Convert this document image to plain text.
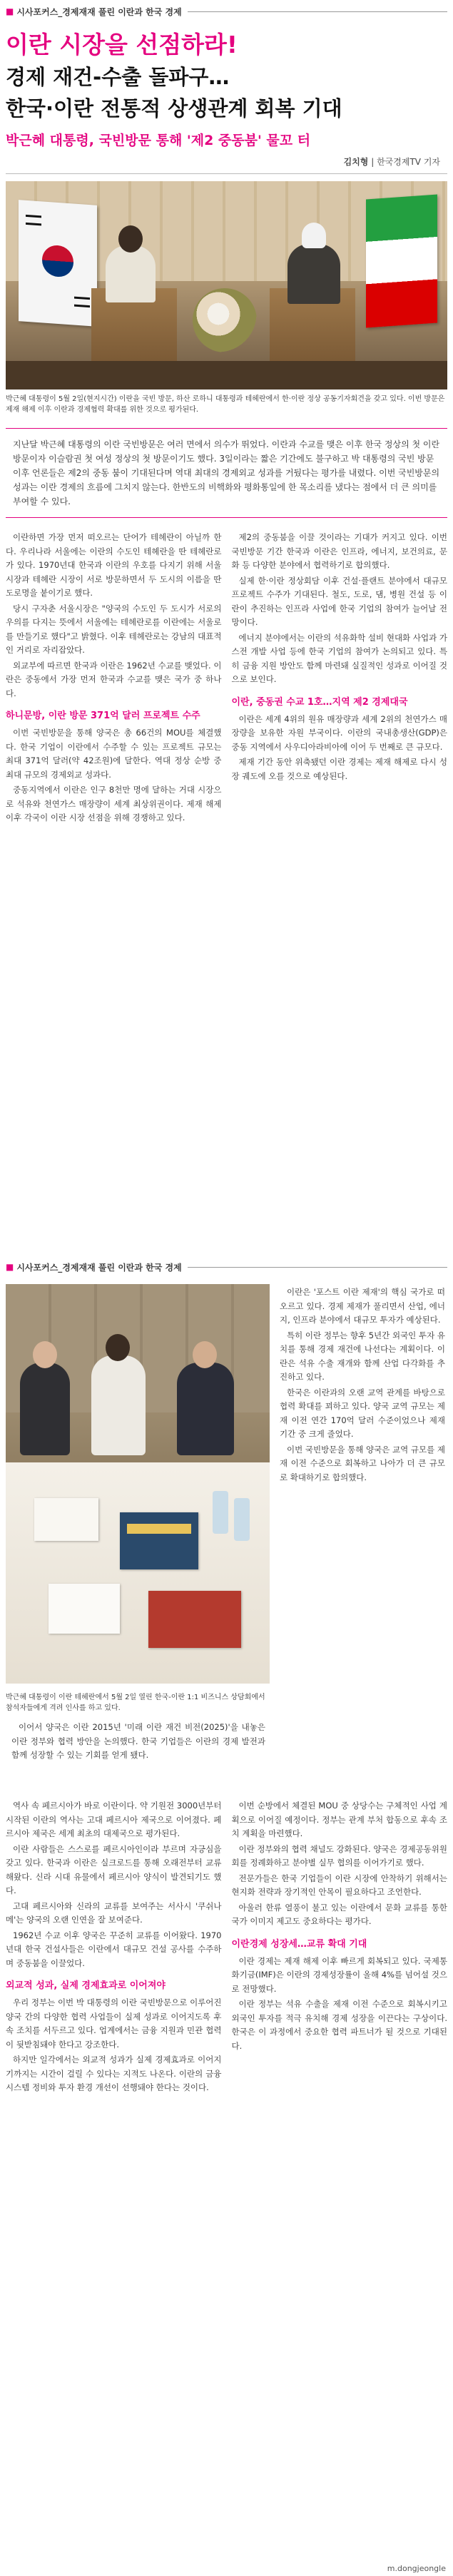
■ 시사포커스_경제재재 풀린 이란과 한국 경제
이란 시장을 선점하라!
경제 재건-수출 돌파구…
한국·이란 전통적 상생관계 회복 기대
박근혜 대통령, 국빈방문 통해 '제2 중동붐' 물꼬 터
김치형 | 한국경제TV 기자
박근혜 대통령이 5월 2일(현지시간) 이란을 국빈 방문, 하산 로하니 대통령과 테헤란에서 한·이란 정상 공동기자회견을 갖고 있다. 이번 방문은 제재 해제 이후 이란과 경제협력 확대를 위한 것으로 평가된다.
지난달 박근혜 대통령의 이란 국빈방문은 여러 면에서 의수가 뛰었다. 이란과 수교를 맺은 이후 한국 정상의 첫 이란 방문이자 이슬람권 첫 여성 정상의 첫 방문이기도 했다. 3일이라는 짧은 기간에도 불구하고 박 대통령의 국빈 방문 이후 언론들은 제2의 중동 붐이 기대된다며 역대 최대의 경제외교 성과를 거뒀다는 평가를 내렸다. 이번 국빈방문의 성과는 이란 경제의 흐름에 그치지 않는다. 한반도의 비핵화와 평화통일에 한 목소리를 냈다는 점에서 더 큰 의미를 부여할 수 있다.

이란하면 가장 먼저 떠오르는 단어가 테헤란이 아닐까 한다. 우리나라 서울에는 이란의 수도인 테헤란을 딴 테헤란로가 있다. 1970년대 한국과 이란의 우호를 다지기 위해 서울시장과 테헤란 시장이 서로 방문하면서 두 도시의 이름을 딴 도로명을 붙이기로 했다.

당시 구자춘 서울시장은 "양국의 수도인 두 도시가 서로의 우의를 다지는 뜻에서 서울에는 테헤란로를 이란에는 서울로를 만들기로 했다"고 밝혔다. 이후 테헤란로는 강남의 대표적인 거리로 자리잡았다.

외교부에 따르면 한국과 이란은 1962년 수교를 맺었다. 이란은 중동에서 가장 먼저 한국과 수교를 맺은 국가 중 하나다.

하니문방, 이란 방문 371억 달러 프로젝트 수주

이번 국빈방문을 통해 양국은 총 66건의 MOU를 체결했다. 한국 기업이 이란에서 수주할 수 있는 프로젝트 규모는 최대 371억 달러(약 42조원)에 달한다. 역대 정상 순방 중 최대 규모의 경제외교 성과다.

중동지역에서 이란은 인구 8천만 명에 달하는 거대 시장으로 석유와 천연가스 매장량이 세계 최상위권이다. 제재 해제 이후 각국이 이란 시장 선점을 위해 경쟁하고 있다.

제2의 중동붐을 이끌 것이라는 기대가 커지고 있다. 이번 국빈방문 기간 한국과 이란은 인프라, 에너지, 보건의료, 문화 등 다양한 분야에서 협력하기로 합의했다.

실제 한·이란 정상회담 이후 건설·플랜트 분야에서 대규모 프로젝트 수주가 기대된다. 철도, 도로, 댐, 병원 건설 등 이란이 추진하는 인프라 사업에 한국 기업의 참여가 늘어날 전망이다.

에너지 분야에서는 이란의 석유화학 설비 현대화 사업과 가스전 개발 사업 등에 한국 기업의 참여가 논의되고 있다. 특히 금융 지원 방안도 함께 마련돼 실질적인 성과로 이어질 것으로 보인다.

이란, 중동권 수교 1호…지역 제2 경제대국

이란은 세계 4위의 원유 매장량과 세계 2위의 천연가스 매장량을 보유한 자원 부국이다. 이란의 국내총생산(GDP)은 중동 지역에서 사우디아라비아에 이어 두 번째로 큰 규모다.

제재 기간 동안 위축됐던 이란 경제는 제재 해제로 다시 성장 궤도에 오를 것으로 예상된다.

■ 시사포커스_경제재재 풀린 이란과 한국 경제
박근혜 대통령이 이란 테헤란에서 5월 2일 열린 한국-이란 1:1 비즈니스 상담회에서 참석자들에게 격려 인사를 하고 있다.

이어서 양국은 이란 2015년 '미래 이란 재건 비전(2025)'을 내놓은 이란 정부와 협력 방안을 논의했다. 한국 기업들은 이란의 경제 발전과 함께 성장할 수 있는 기회를 얻게 됐다.

이란은 '포스트 이란 제재'의 핵심 국가로 떠오르고 있다. 경제 제재가 풀리면서 산업, 에너지, 인프라 분야에서 대규모 투자가 예상된다.

특히 이란 정부는 향후 5년간 외국인 투자 유치를 통해 경제 재건에 나선다는 계획이다. 이란은 석유 수출 재개와 함께 산업 다각화를 추진하고 있다.

한국은 이란과의 오랜 교역 관계를 바탕으로 협력 확대를 꾀하고 있다. 양국 교역 규모는 제재 이전 연간 170억 달러 수준이었으나 제재 기간 중 크게 줄었다.

이번 국빈방문을 통해 양국은 교역 규모를 제재 이전 수준으로 회복하고 나아가 더 큰 규모로 확대하기로 합의했다.

역사 속 페르시아가 바로 이란이다. 약 기원전 3000년부터 시작된 이란의 역사는 고대 페르시아 제국으로 이어졌다. 페르시아 제국은 세계 최초의 대제국으로 평가된다.

이란 사람들은 스스로를 페르시아인이라 부르며 자긍심을 갖고 있다. 한국과 이란은 실크로드를 통해 오래전부터 교류해왔다. 신라 시대 유물에서 페르시아 양식이 발견되기도 했다.

고대 페르시아와 신라의 교류를 보여주는 서사시 '쿠쉬나메'는 양국의 오랜 인연을 잘 보여준다.

1962년 수교 이후 양국은 꾸준히 교류를 이어왔다. 1970년대 한국 건설사들은 이란에서 대규모 건설 공사를 수주하며 중동붐을 이끌었다.

외교적 성과, 실제 경제효과로 이어져야

우리 정부는 이번 박 대통령의 이란 국빈방문으로 이루어진 양국 간의 다양한 협력 사업들이 실제 성과로 이어지도록 후속 조치를 서두르고 있다. 업계에서는 금융 지원과 민관 협력이 뒷받침돼야 한다고 강조한다.

하지만 일각에서는 외교적 성과가 실제 경제효과로 이어지기까지는 시간이 걸릴 수 있다는 지적도 나온다. 이란의 금융 시스템 정비와 투자 환경 개선이 선행돼야 한다는 것이다.

이번 순방에서 체결된 MOU 중 상당수는 구체적인 사업 계획으로 이어질 예정이다. 정부는 관계 부처 합동으로 후속 조치 계획을 마련했다.

이란 정부와의 협력 채널도 강화된다. 양국은 경제공동위원회를 정례화하고 분야별 실무 협의를 이어가기로 했다.

전문가들은 한국 기업들이 이란 시장에 안착하기 위해서는 현지화 전략과 장기적인 안목이 필요하다고 조언한다.

아울러 한류 열풍이 불고 있는 이란에서 문화 교류를 통한 국가 이미지 제고도 중요하다는 평가다.

이란경제 성장세…교류 확대 기대

이란 경제는 제재 해제 이후 빠르게 회복되고 있다. 국제통화기금(IMF)은 이란의 경제성장률이 올해 4%를 넘어설 것으로 전망했다.

이란 정부는 석유 수출을 제재 이전 수준으로 회복시키고 외국인 투자를 적극 유치해 경제 성장을 이끈다는 구상이다. 한국은 이 과정에서 중요한 협력 파트너가 될 것으로 기대된다.

m.dongjeongle
